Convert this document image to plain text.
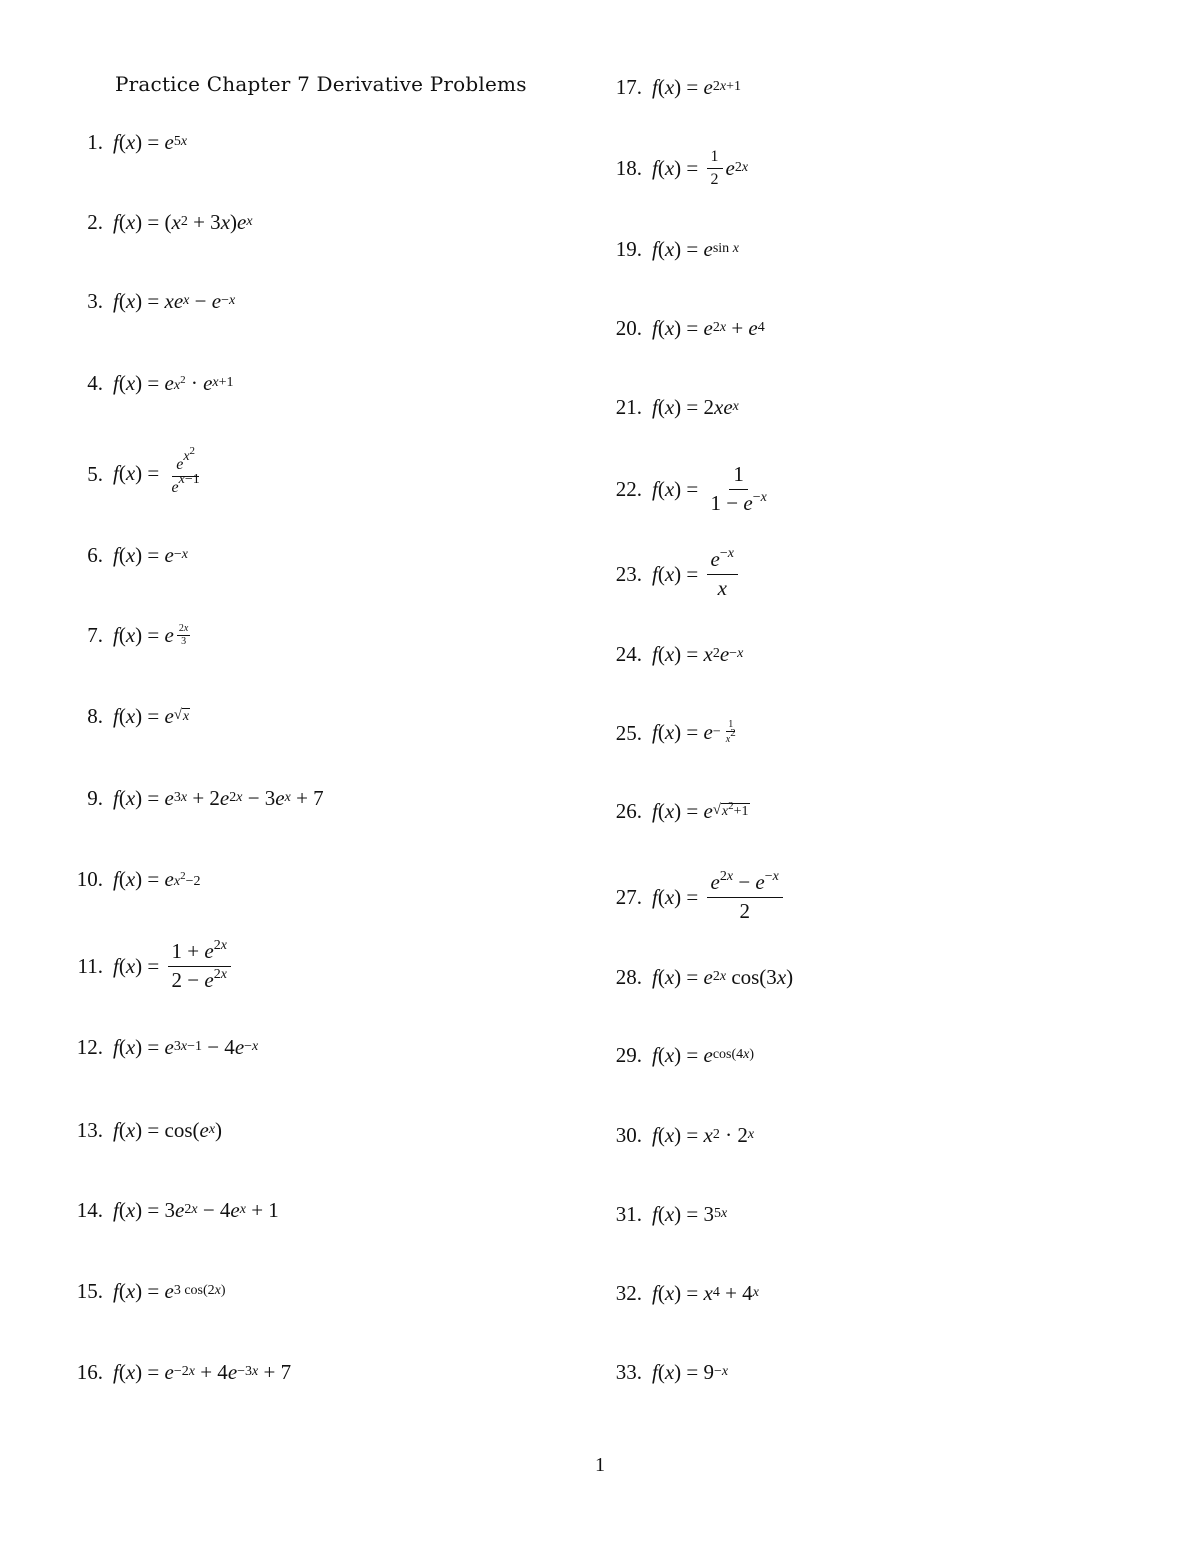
Practice Chapter 7 Derivative Problems
1. f ( x ) = e 5x
2. f ( x ) = ( x 2 + 3 x ) e x
3. f ( x ) = xe x − e −x
4. f ( x ) = e $x^2 \cdot e$ x+1
5. f ( x ) = $\frac{e^{x^2}}{e^{x-1}}$
6. f ( x ) = e −x
7. f ( x ) = e $\frac{2x}{3}$
8. f ( x ) = e √ x
9. f ( x ) = e 3x + 2 e 2x − 3 e x + 7
10. f ( x ) = e $x^2-2$
11. f ( x ) = $\frac{1 + e^{2x}}{2 - e^{2x}}$
12. f ( x ) = e 3x−1 − 4 e −x
13. f ( x ) = cos( e x )
14. f ( x ) = 3 e 2x − 4 e x + 1
15. f ( x ) = e 3 cos(2x)
16. f ( x ) = e −2x + 4 e −3x + 7
17. f ( x ) = e 2x+1
18. f ( x ) = $\frac{1}{2}$ e 2x
19. f ( x ) = e sin x
20. f ( x ) = e 2x + e 4
21. f ( x ) = 2 xe x
22. f ( x ) = $\frac{1}{1 - e^{-x}}$
23. f ( x ) = $\frac{e^{-x}}{x}$
24. f ( x ) = x 2 e −x
25. f ( x ) = $e - \frac{1}{x^2}$
26. f ( x ) = e √ $x^2+1$
27. f ( x ) = $\frac{e^{2x} - e^{-x}}{2}$
28. f ( x ) = e 2x cos(3 x )
29. f ( x ) = e cos(4x)
30. f ( x ) = x 2 · 2 x
31. f ( x ) = 3 5x
32. f ( x ) = x 4 + 4 x
33. f ( x ) = 9 −x
1
